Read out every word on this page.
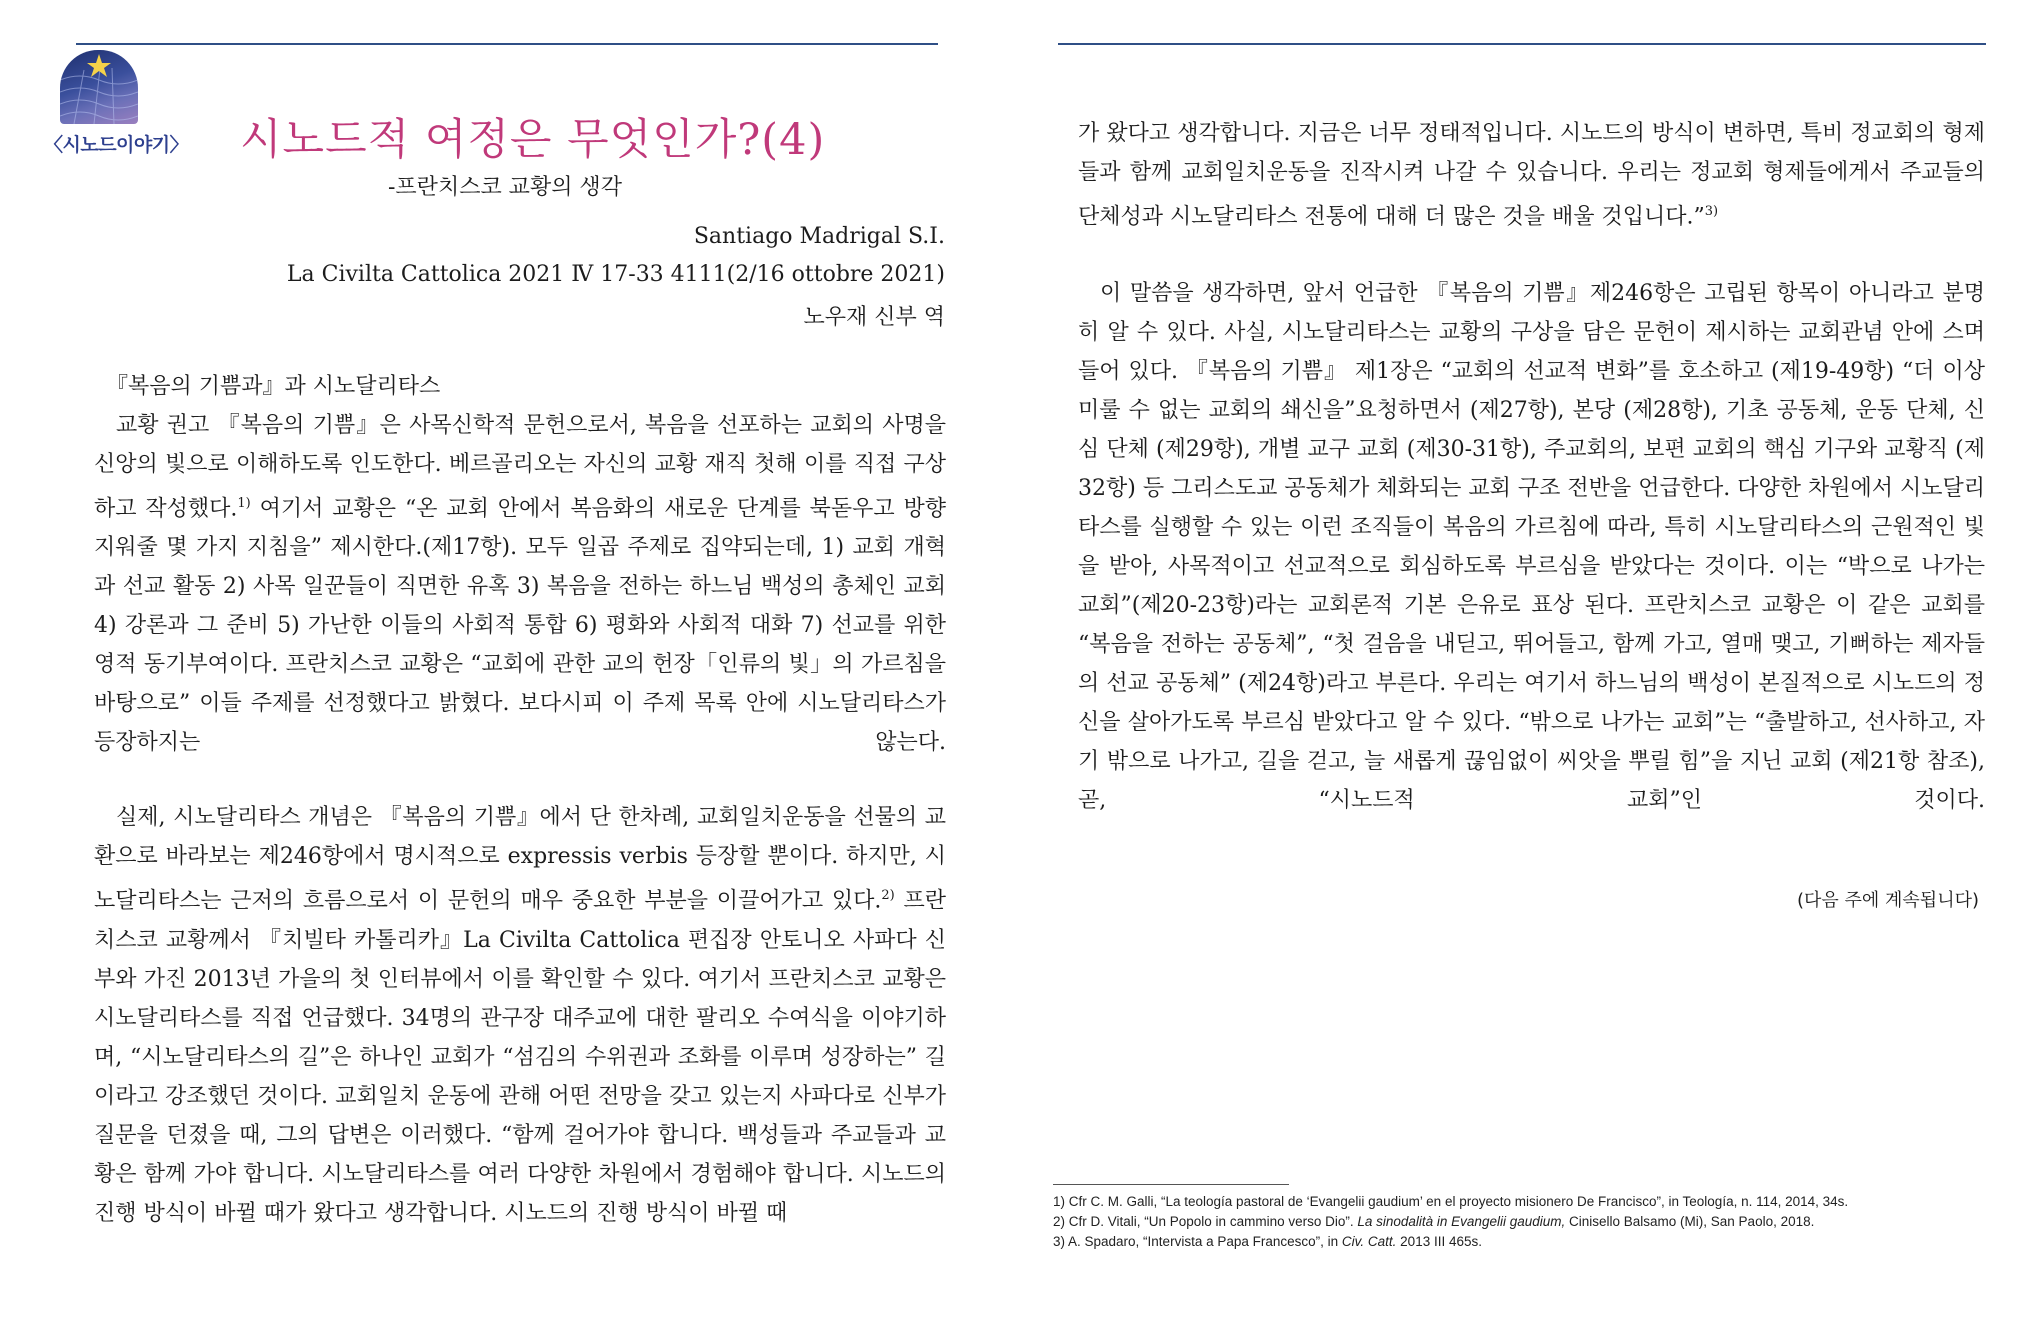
〈시노드이야기〉 시노드적 여정은 무엇인가?(4)
-프란치스코 교황의 생각
Santiago Madrigal S.I.
La Civilta Cattolica 2021 Ⅳ 17-33 4111(2/16 ottobre 2021)
노우재 신부 역
『복음의 기쁨과』과 시노달리타스

교황 권고 『복음의 기쁨』은 사목신학적 문헌으로서, 복음을 선포하는 교회의 사명을 신앙의 빛으로 이해하도록 인도한다. 베르골리오는 자신의 교황 재직 첫해 이를 직접 구상하고 작성했다.$^{1)}$ 여기서 교황은 “온 교회 안에서 복음화의 새로운 단계를 북돋우고 방향 지워줄 몇 가지 지침을” 제시한다.(제17항). 모두 일곱 주제로 집약되는데, 1) 교회 개혁과 선교 활동 2) 사목 일꾼들이 직면한 유혹 3) 복음을 전하는 하느님 백성의 총체인 교회 4) 강론과 그 준비 5) 가난한 이들의 사회적 통합 6) 평화와 사회적 대화 7) 선교를 위한 영적 동기부여이다. 프란치스코 교황은 “교회에 관한 교의 헌장「인류의 빛」의 가르침을 바탕으로” 이들 주제를 선정했다고 밝혔다. 보다시피 이 주제 목록 안에 시노달리타스가 등장하지는 않는다.

실제, 시노달리타스 개념은 『복음의 기쁨』에서 단 한차례, 교회일치운동을 선물의 교환으로 바라보는 제246항에서 명시적으로 expressis verbis 등장할 뿐이다. 하지만, 시노달리타스는 근저의 흐름으로서 이 문헌의 매우 중요한 부분을 이끌어가고 있다.$^{2)}$ 프란치스코 교황께서 『치빌타 카톨리카』La Civilta Cattolica 편집장 안토니오 사파다 신부와 가진 2013년 가을의 첫 인터뷰에서 이를 확인할 수 있다. 여기서 프란치스코 교황은 시노달리타스를 직접 언급했다. 34명의 관구장 대주교에 대한 팔리오 수여식을 이야기하며, “시노달리타스의 길”은 하나인 교회가 “섬김의 수위권과 조화를 이루며 성장하는” 길이라고 강조했던 것이다. 교회일치 운동에 관해 어떤 전망을 갖고 있는지 사파다로 신부가 질문을 던졌을 때, 그의 답변은 이러했다. “함께 걸어가야 합니다. 백성들과 주교들과 교황은 함께 가야 합니다. 시노달리타스를 여러 다양한 차원에서 경험해야 합니다. 시노드의 진행 방식이 바뀔 때가 왔다고 생각합니다. 시노드의 진행 방식이 바뀔 때

가 왔다고 생각합니다. 지금은 너무 정태적입니다. 시노드의 방식이 변하면, 특비 정교회의 형제들과 함께 교회일치운동을 진작시켜 나갈 수 있습니다. 우리는 정교회 형제들에게서 주교들의 단체성과 시노달리타스 전통에 대해 더 많은 것을 배울 것입니다.”$^{3)}$

이 말씀을 생각하면, 앞서 언급한 『복음의 기쁨』제246항은 고립된 항목이 아니라고 분명히 알 수 있다. 사실, 시노달리타스는 교황의 구상을 담은 문헌이 제시하는 교회관념 안에 스며들어 있다. 『복음의 기쁨』 제1장은 “교회의 선교적 변화”를 호소하고 (제19-49항) “더 이상 미룰 수 없는 교회의 쇄신을”요청하면서 (제27항), 본당 (제28항), 기초 공동체, 운동 단체, 신심 단체 (제29항), 개별 교구 교회 (제30-31항), 주교회의, 보편 교회의 핵심 기구와 교황직 (제32항) 등 그리스도교 공동체가 체화되는 교회 구조 전반을 언급한다. 다양한 차원에서 시노달리타스를 실행할 수 있는 이런 조직들이 복음의 가르침에 따라, 특히 시노달리타스의 근원적인 빛을 받아, 사목적이고 선교적으로 회심하도록 부르심을 받았다는 것이다. 이는 “박으로 나가는 교회”(제20-23항)라는 교회론적 기본 은유로 표상 된다. 프란치스코 교황은 이 같은 교회를 “복음을 전하는 공동체”, “첫 걸음을 내딛고, 뛰어들고, 함께 가고, 열매 맺고, 기뻐하는 제자들의 선교 공동체” (제24항)라고 부른다. 우리는 여기서 하느님의 백성이 본질적으로 시노드의 정신을 살아가도록 부르심 받았다고 알 수 있다. “밖으로 나가는 교회”는 “출발하고, 선사하고, 자기 밖으로 나가고, 길을 걷고, 늘 새롭게 끊임없이 씨앗을 뿌릴 힘”을 지닌 교회 (제21항 참조), 곧, “시노드적 교회”인 것이다.

(다음 주에 계속됩니다)

1) Cfr C. M. Galli, “La teología pastoral de ‘Evangelii gaudium’ en el proyecto misionero De Francisco”, in Teología, n. 114, 2014, 34s.

2) Cfr D. Vitali, “Un Popolo in cammino verso Dio”. La sinodalità in Evangelii gaudium, Cinisello Balsamo (Mi), San Paolo, 2018.

3) A. Spadaro, “Intervista a Papa Francesco”, in Civ. Catt. 2013 III 465s.
